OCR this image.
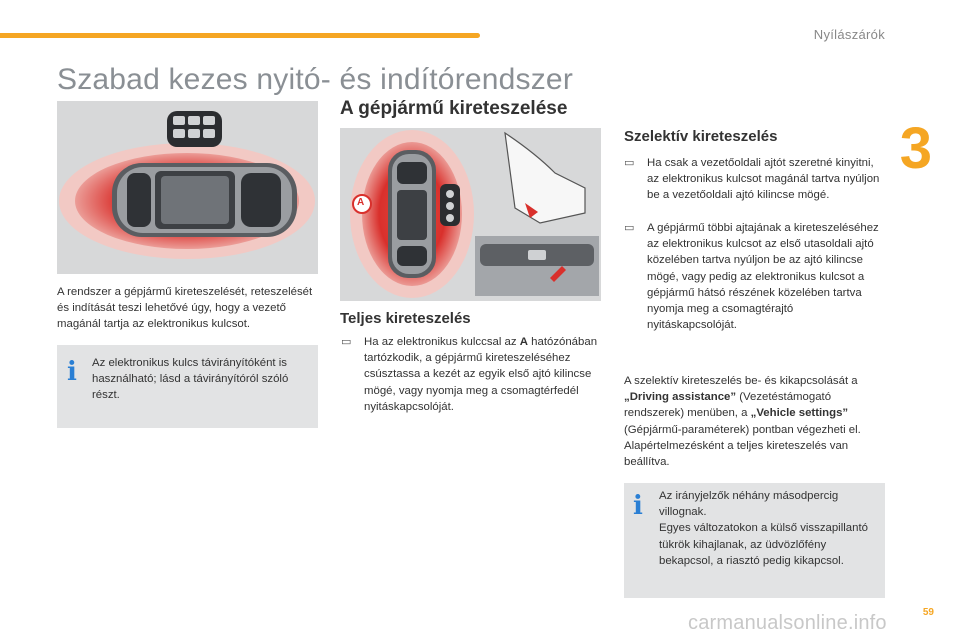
Nyílászárók
3
Szabad kezes nyitó- és indítórendszer
A gépjármű kireteszelése

A rendszer a gépjármű kireteszelését, reteszelését és indítását teszi lehetővé úgy, hogy a vezető magánál tartja az elektronikus kulcsot.

i Az elektronikus kulcs távirányítóként is használható; lásd a távirányítóról szóló részt.

A
Teljes kireteszelés
▭ Ha az elektronikus kulccsal az A hatózónában tartózkodik, a gépjármű kireteszeléséhez csúsztassa a kezét az egyik első ajtó kilincse mögé, vagy nyomja meg a csomagtérfedél nyitáskapcsolóját.
Szelektív kireteszelés
▭ Ha csak a vezetőoldali ajtót szeretné kinyitni, az elektronikus kulcsot magánál tartva nyúljon be a vezetőoldali ajtó kilincse mögé.
▭ A gépjármű többi ajtajának a kireteszeléséhez az elektronikus kulcsot az első utasoldali ajtó közelében tartva nyúljon be az ajtó kilincse mögé, vagy pedig az elektronikus kulcsot a gépjármű hátsó részének közelében tartva nyomja meg a csomagtérajtó nyitáskapcsolóját.

A szelektív kireteszelés be- és kikapcsolását a „Driving assistance” (Vezetéstámogató rendszerek) menüben, a „Vehicle settings” (Gépjármű-paraméterek) pontban végezheti el. Alapértelmezésként a teljes kireteszelés van beállítva.

i Az irányjelzők néhány másodpercig villognak.
Egyes változatokon a külső visszapillantó tükrök kihajlanak, az üdvözlőfény bekapcsol, a riasztó pedig kikapcsol.

59
carmanualsonline.info
